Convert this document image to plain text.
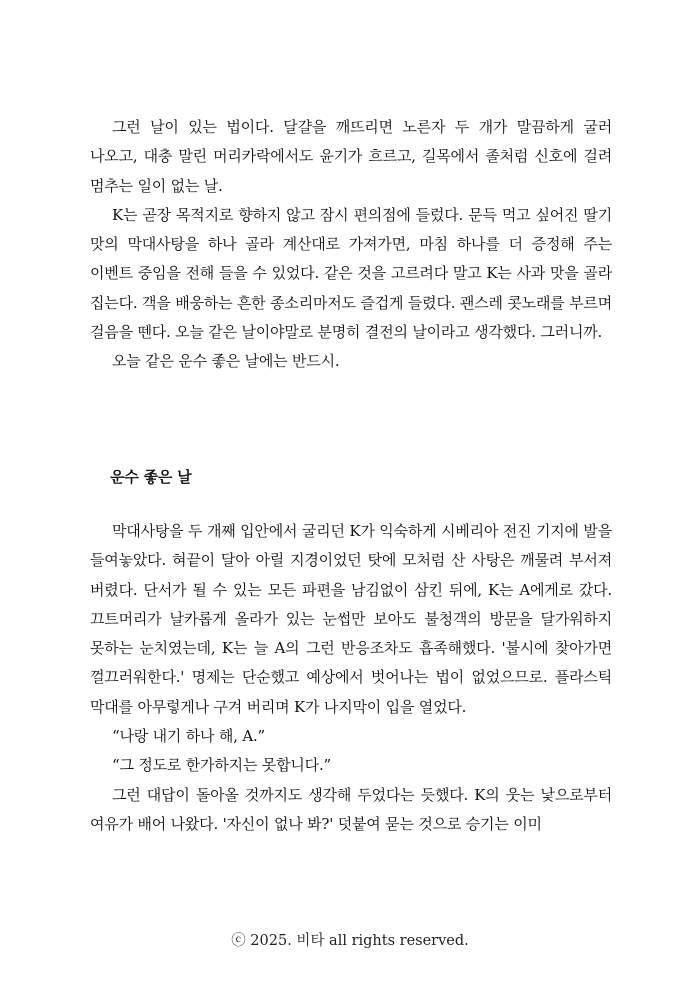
그런 날이 있는 법이다. 달걀을 깨뜨리면 노른자 두 개가 말끔하게 굴러 나오고, 대충 말린 머리카락에서도 윤기가 흐르고, 길목에서 졸처럼 신호에 걸려 멈추는 일이 없는 날.

K는 곧장 목적지로 향하지 않고 잠시 편의점에 들렀다. 문득 먹고 싶어진 딸기 맛의 막대사탕을 하나 골라 계산대로 가져가면, 마침 하나를 더 증정해 주는 이벤트 중임을 전해 들을 수 있었다. 같은 것을 고르려다 말고 K는 사과 맛을 골라 집는다. 객을 배웅하는 흔한 종소리마저도 즐겁게 들렸다. 괜스레 콧노래를 부르며 걸음을 뗀다. 오늘 같은 날이야말로 분명히 결전의 날이라고 생각했다. 그러니까.

오늘 같은 운수 좋은 날에는 반드시.

운수 좋은 날

막대사탕을 두 개째 입안에서 굴리던 K가 익숙하게 시베리아 전진 기지에 발을 들여놓았다. 혀끝이 달아 아릴 지경이었던 탓에 모처럼 산 사탕은 깨물려 부서져 버렸다. 단서가 될 수 있는 모든 파편을 남김없이 삼킨 뒤에, K는 A에게로 갔다. 끄트머리가 날카롭게 올라가 있는 눈썹만 보아도 불청객의 방문을 달가워하지 못하는 눈치였는데, K는 늘 A의 그런 반응조차도 흡족해했다. '불시에 찾아가면 껄끄러워한다.' 명제는 단순했고 예상에서 벗어나는 법이 없었으므로. 플라스틱 막대를 아무렇게나 구겨 버리며 K가 나지막이 입을 열었다.

“나랑 내기 하나 해, A.”

“그 정도로 한가하지는 못합니다.”

그런 대답이 돌아올 것까지도 생각해 두었다는 듯했다. K의 웃는 낯으로부터 여유가 배어 나왔다. '자신이 없나 봐?' 덧붙여 묻는 것으로 승기는 이미

ⓒ 2025. 비타 all rights reserved.
